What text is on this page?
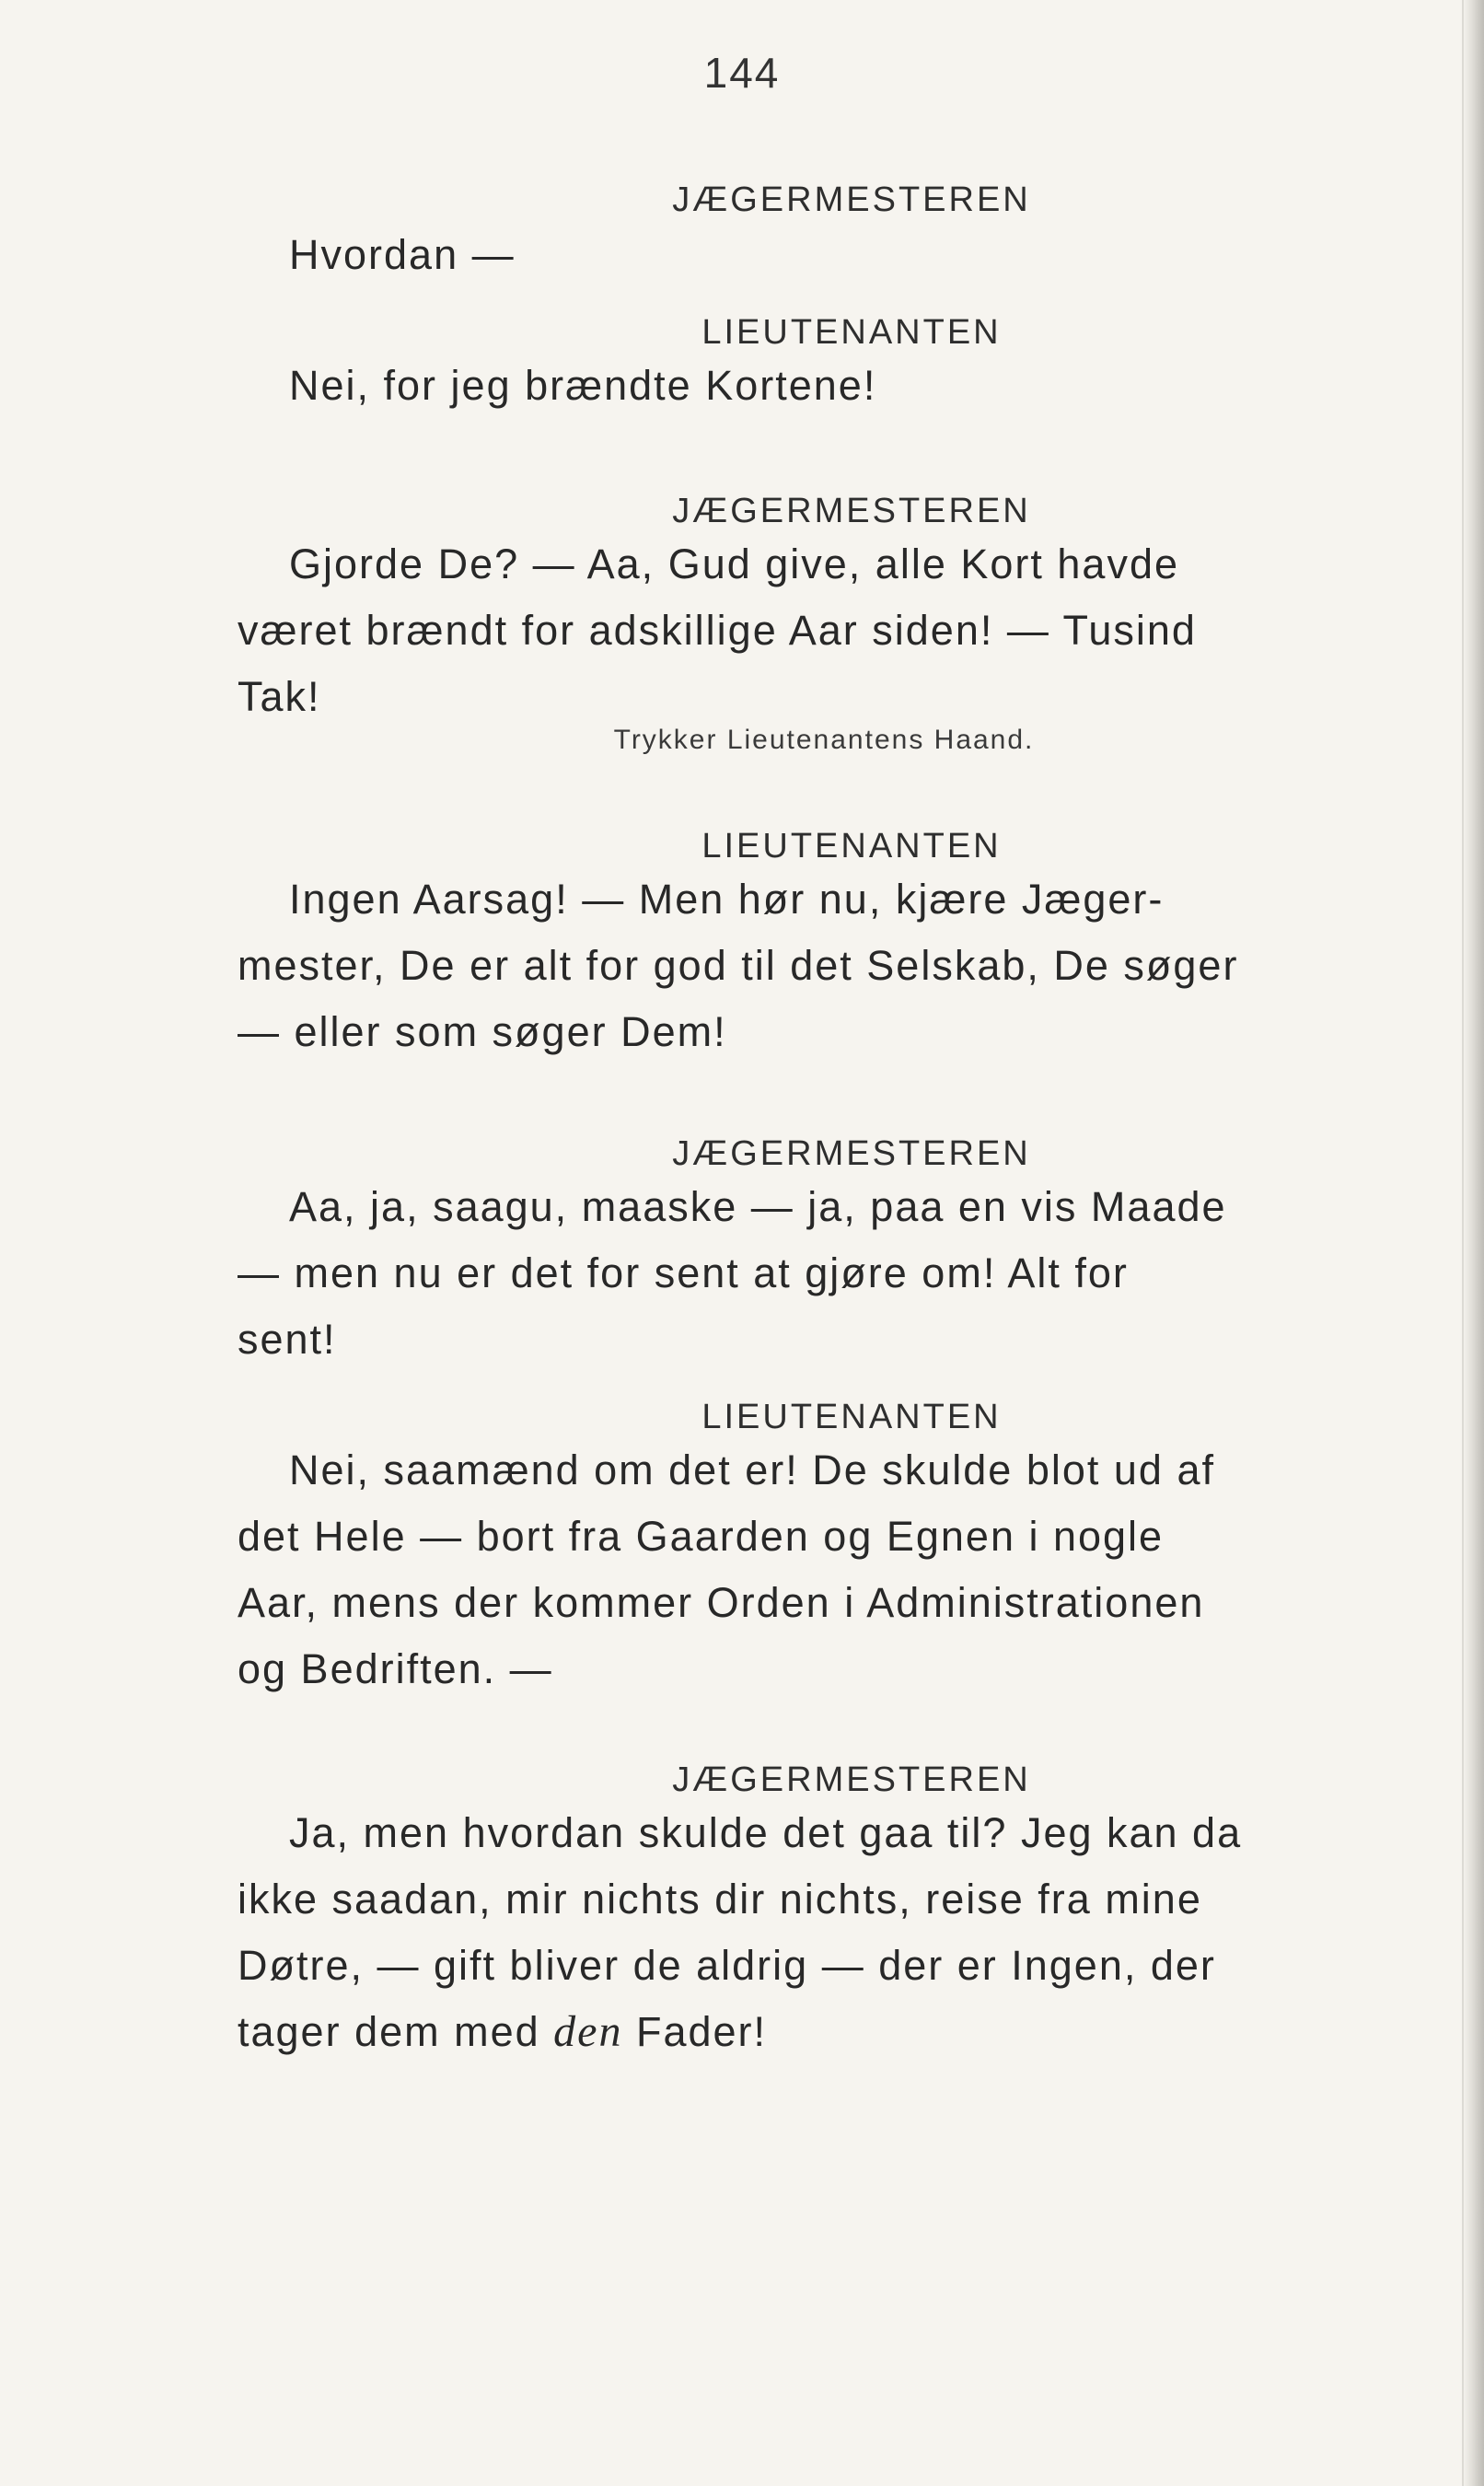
144
JÆGERMESTEREN
Hvordan —
LIEUTENANTEN
Nei, for jeg brændte Kortene!
JÆGERMESTEREN
Gjorde De? — Aa, Gud give, alle Kort havde
været brændt for adskillige Aar siden! — Tusind
Tak!
Trykker Lieutenantens Haand.
LIEUTENANTEN
Ingen Aarsag! — Men hør nu, kjære Jæger-
mester, De er alt for god til det Selskab, De søger
— eller som søger Dem!
JÆGERMESTEREN
Aa, ja, saagu, maaske — ja, paa en vis Maade
— men nu er det for sent at gjøre om! Alt for
sent!
LIEUTENANTEN
Nei, saamænd om det er! De skulde blot ud af
det Hele — bort fra Gaarden og Egnen i nogle
Aar, mens der kommer Orden i Administrationen
og Bedriften. —
JÆGERMESTEREN
Ja, men hvordan skulde det gaa til? Jeg kan da
ikke saadan, mir nichts dir nichts, reise fra mine
Døtre, — gift bliver de aldrig — der er Ingen, der
tager dem med den Fader!
